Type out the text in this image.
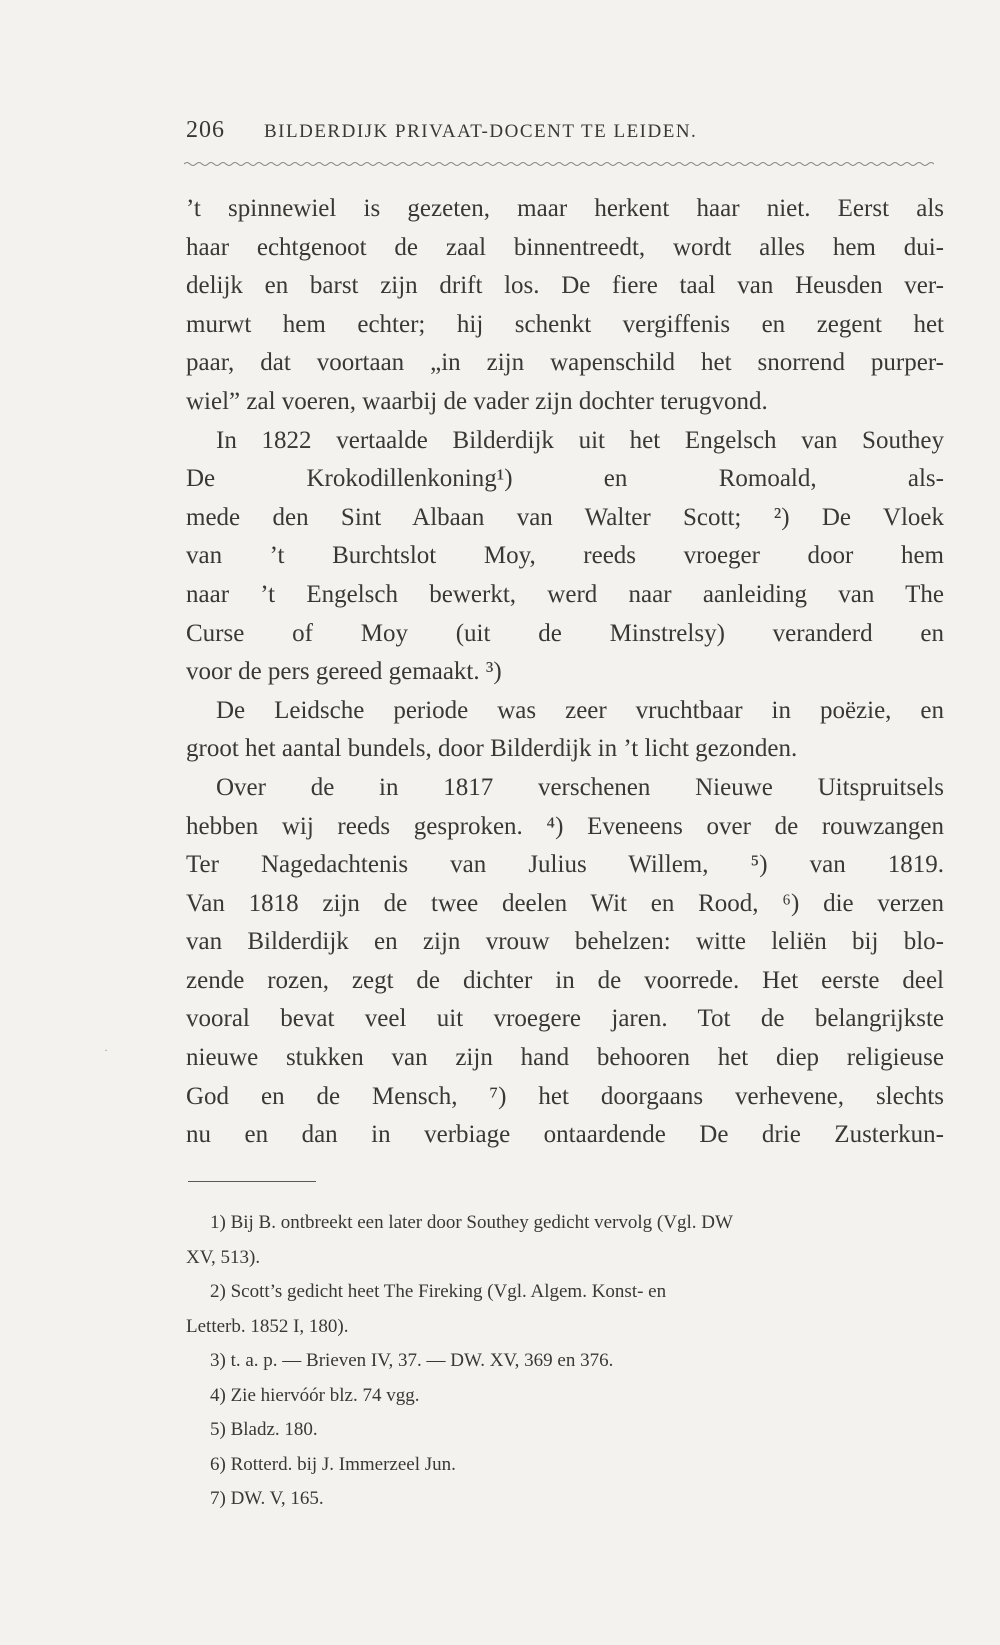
206 BILDERDIJK PRIVAAT-DOCENT TE LEIDEN.
’t spinnewiel is gezeten, maar herkent haar niet. Eerst als
haar echtgenoot de zaal binnentreedt, wordt alles hem dui-
delijk en barst zijn drift los. De fiere taal van Heusden ver-
murwt hem echter; hij schenkt vergiffenis en zegent het
paar, dat voortaan „in zijn wapenschild het snorrend purper-
wiel” zal voeren, waarbij de vader zijn dochter terugvond.
In 1822 vertaalde Bilderdijk uit het Engelsch van Southey
De Krokodillenkoning¹) en Romoald, als-
mede den Sint Albaan van Walter Scott; ²) De Vloek
van ’t Burchtslot Moy, reeds vroeger door hem
naar ’t Engelsch bewerkt, werd naar aanleiding van The
Curse of Moy (uit de Minstrelsy) veranderd en
voor de pers gereed gemaakt. ³)
De Leidsche periode was zeer vruchtbaar in poëzie, en
groot het aantal bundels, door Bilderdijk in ’t licht gezonden.
Over de in 1817 verschenen Nieuwe Uitspruitsels
hebben wij reeds gesproken. ⁴) Eveneens over de rouwzangen
Ter Nagedachtenis van Julius Willem, ⁵) van 1819.
Van 1818 zijn de twee deelen Wit en Rood, ⁶) die verzen
van Bilderdijk en zijn vrouw behelzen: witte leliën bij blo-
zende rozen, zegt de dichter in de voorrede. Het eerste deel
vooral bevat veel uit vroegere jaren. Tot de belangrijkste
nieuwe stukken van zijn hand behooren het diep religieuse
God en de Mensch, ⁷) het doorgaans verhevene, slechts
nu en dan in verbiage ontaardende De drie Zusterkun-
·
1) Bij B. ontbreekt een later door Southey gedicht vervolg (Vgl. DW
XV, 513).
2) Scott’s gedicht heet The Fireking (Vgl. Algem. Konst- en
Letterb. 1852 I, 180).
3) t. a. p. — Brieven IV, 37. — DW. XV, 369 en 376.
4) Zie hiervóór blz. 74 vgg.
5) Bladz. 180.
6) Rotterd. bij J. Immerzeel Jun.
7) DW. V, 165.
